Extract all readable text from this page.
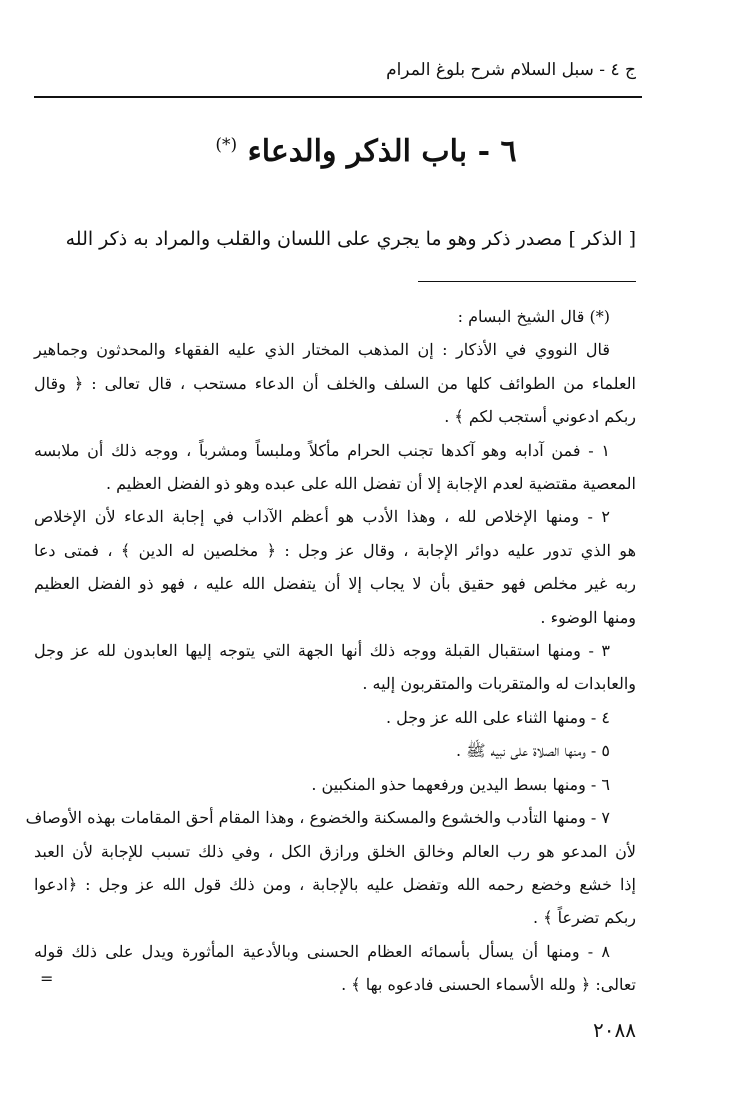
ج ٤ - سبل السلام شرح بلوغ المرام
٦ - باب الذكر والدعاء (*)
[ الذكر ] مصدر ذكر وهو ما يجري على اللسان والقلب والمراد به ذكر الله
(*) قال الشيخ البسام :
قال النووي في الأذكار : إن المذهب المختار الذي عليه الفقهاء والمحدثون وجماهير
العلماء من الطوائف كلها من السلف والخلف أن الدعاء مستحب ، قال تعالى : ﴿ وقال
ربكم ادعوني أستجب لكم ﴾ .
١ - فمن آدابه وهو آكدها تجنب الحرام مأكلاً وملبساً ومشرباً ، ووجه ذلك أن ملابسه
المعصية مقتضية لعدم الإجابة إلا أن تفضل الله على عبده وهو ذو الفضل العظيم .
٢ - ومنها الإخلاص لله ، وهذا الأدب هو أعظم الآداب في إجابة الدعاء لأن الإخلاص
هو الذي تدور عليه دوائر الإجابة ، وقال عز وجل : ﴿ مخلصين له الدين ﴾ ، فمتى دعا
ربه غير مخلص فهو حقيق بأن لا يجاب إلا أن يتفضل الله عليه ، فهو ذو الفضل العظيم
ومنها الوضوء .
٣ - ومنها استقبال القبلة ووجه ذلك أنها الجهة التي يتوجه إليها العابدون لله عز وجل
والعابدات له والمتقربات والمتقربون إليه .
٤ - ومنها الثناء على الله عز وجل .
٥ - ومنها الصلاة على نبيه ﷺ .
٦ - ومنها بسط اليدين ورفعهما حذو المنكبين .
٧ - ومنها التأدب والخشوع والمسكنة والخضوع ، وهذا المقام أحق المقامات بهذه الأوصاف
لأن المدعو هو رب العالم وخالق الخلق ورازق الكل ، وفي ذلك تسبب للإجابة لأن العبد
إذا خشع وخضع رحمه الله وتفضل عليه بالإجابة ، ومن ذلك قول الله عز وجل : ﴿ادعوا
ربكم تضرعاً ﴾ .
٨ - ومنها أن يسأل بأسمائه العظام الحسنى وبالأدعية المأثورة ويدل على ذلك قوله
تعالى: ﴿ ولله الأسماء الحسنى فادعوه بها ﴾ .
=
٢٠٨٨
